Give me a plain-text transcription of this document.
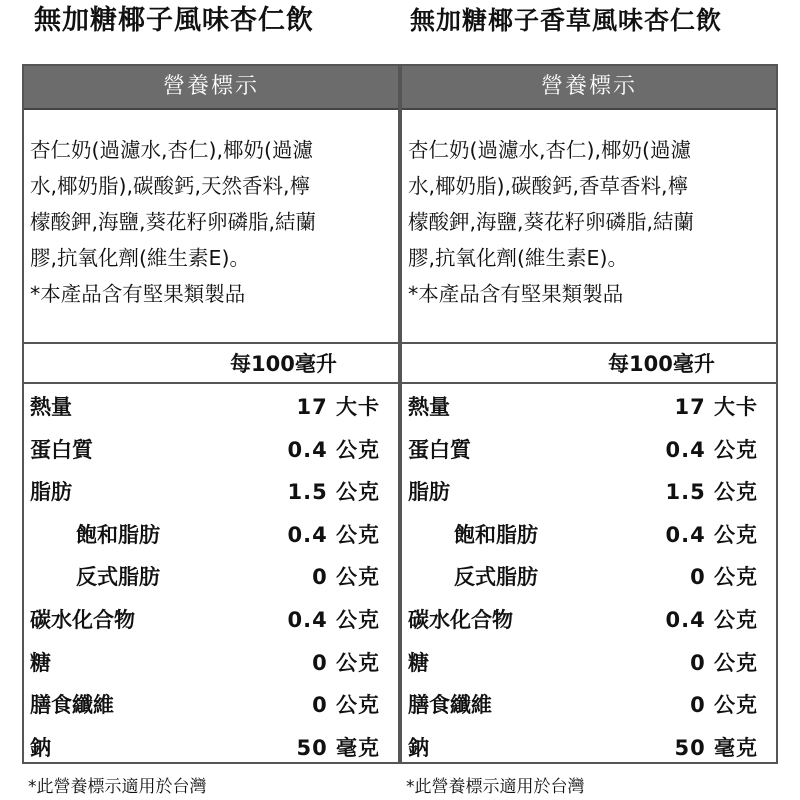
無加糖椰子風味杏仁飲
營養標示
杏仁奶(過濾水,杏仁),椰奶(過濾
水,椰奶脂),碳酸鈣,天然香料,檸
檬酸鉀,海鹽,葵花籽卵磷脂,結蘭
膠,抗氧化劑(維生素E)。
*本產品含有堅果類製品
每100毫升
熱量	17 大卡
蛋白質	0.4 公克
脂肪	1.5 公克
飽和脂肪	0.4 公克
反式脂肪	0 公克
碳水化合物	0.4 公克
糖	0 公克
膳食纖維	0 公克
鈉	50 毫克
*此營養標示適用於台灣
無加糖椰子香草風味杏仁飲
營養標示
杏仁奶(過濾水,杏仁),椰奶(過濾
水,椰奶脂),碳酸鈣,香草香料,檸
檬酸鉀,海鹽,葵花籽卵磷脂,結蘭
膠,抗氧化劑(維生素E)。
*本產品含有堅果類製品
每100毫升
熱量	17 大卡
蛋白質	0.4 公克
脂肪	1.5 公克
飽和脂肪	0.4 公克
反式脂肪	0 公克
碳水化合物	0.4 公克
糖	0 公克
膳食纖維	0 公克
鈉	50 毫克
*此營養標示適用於台灣
